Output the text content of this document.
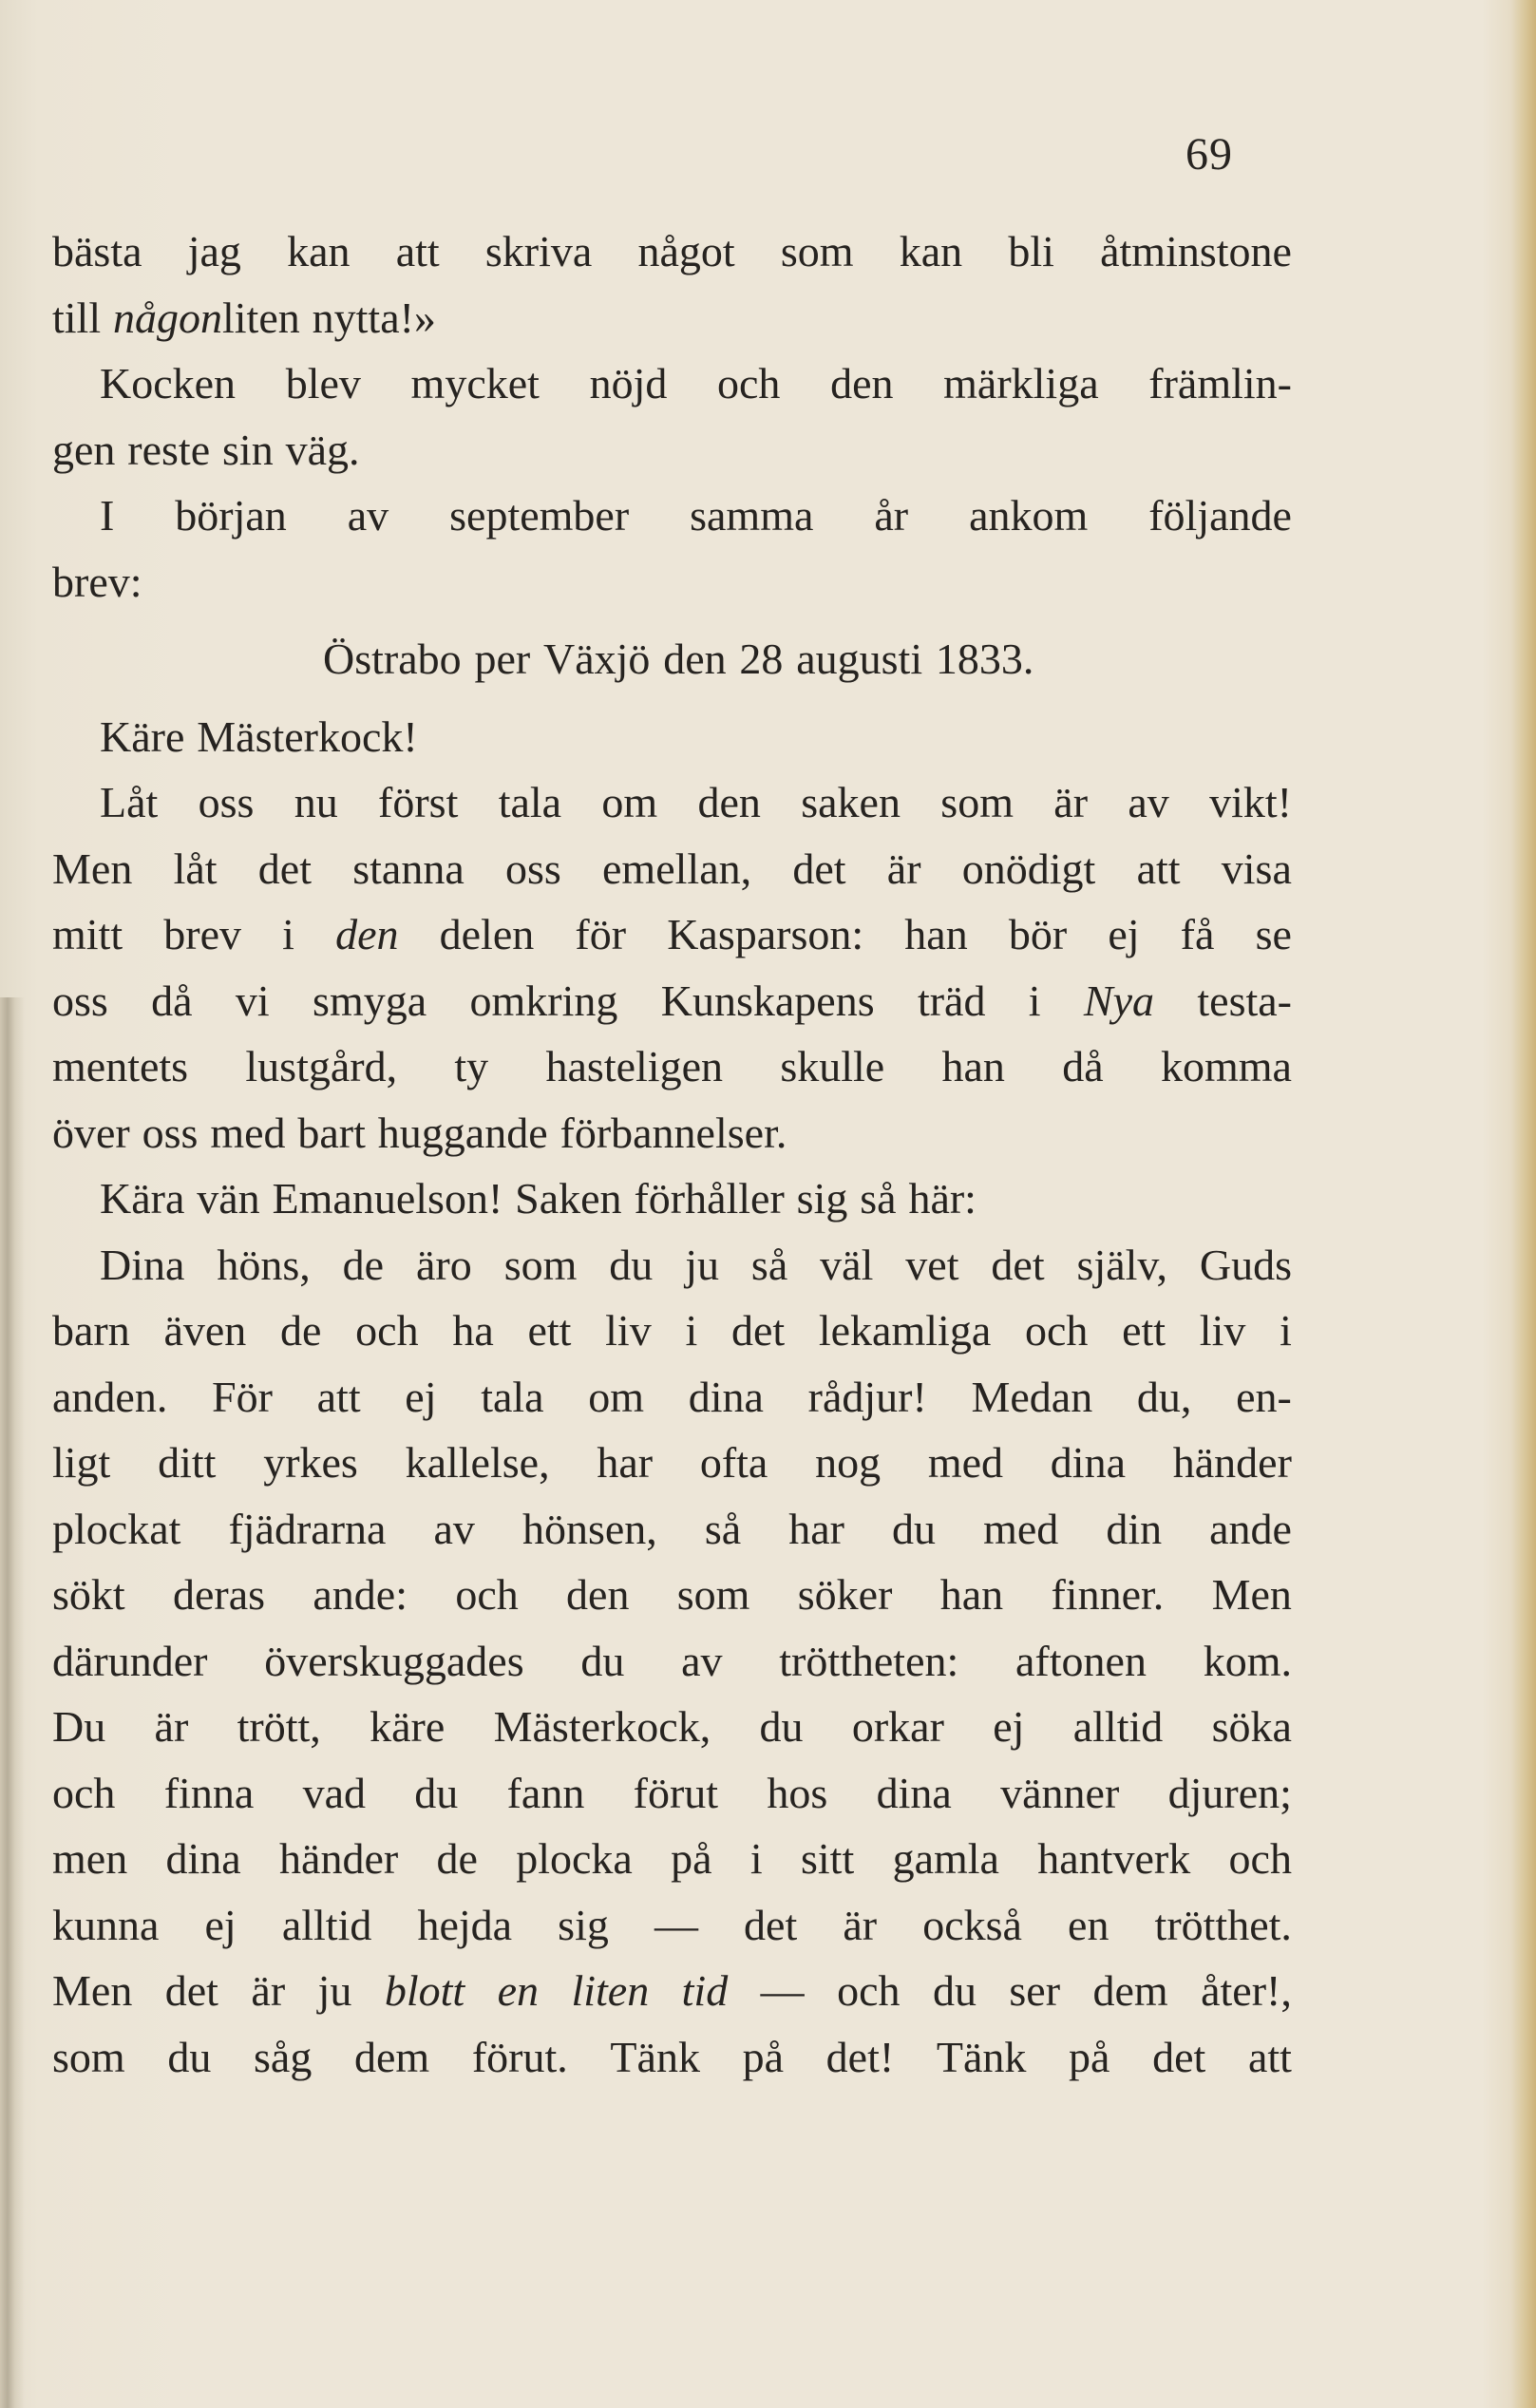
69

bästa jag kan att skriva något som kan bli åtminstone

till någon liten nytta!»

Kocken blev mycket nöjd och den märkliga främlin-

gen reste sin väg.

I början av september samma år ankom följande

brev:

Östrabo per Växjö den 28 augusti 1833.

Käre Mästerkock!

Låt oss nu först tala om den saken som är av vikt!

Men låt det stanna oss emellan, det är onödigt att visa

mitt brev i den delen för Kasparson: han bör ej få se

oss då vi smyga omkring Kunskapens träd i Nya testa-

mentets lustgård, ty hasteligen skulle han då komma

över oss med bart huggande förbannelser.

Kära vän Emanuelson! Saken förhåller sig så här:

Dina höns, de äro som du ju så väl vet det själv, Guds

barn även de och ha ett liv i det lekamliga och ett liv i

anden. För att ej tala om dina rådjur! Medan du, en-

ligt ditt yrkes kallelse, har ofta nog med dina händer

plockat fjädrarna av hönsen, så har du med din ande

sökt deras ande: och den som söker han finner. Men

därunder överskuggades du av tröttheten: aftonen kom.

Du är trött, käre Mästerkock, du orkar ej alltid söka

och finna vad du fann förut hos dina vänner djuren;

men dina händer de plocka på i sitt gamla hantverk och

kunna ej alltid hejda sig — det är också en trötthet.

Men det är ju blott en liten tid — och du ser dem åter!,

som du såg dem förut. Tänk på det! Tänk på det att
